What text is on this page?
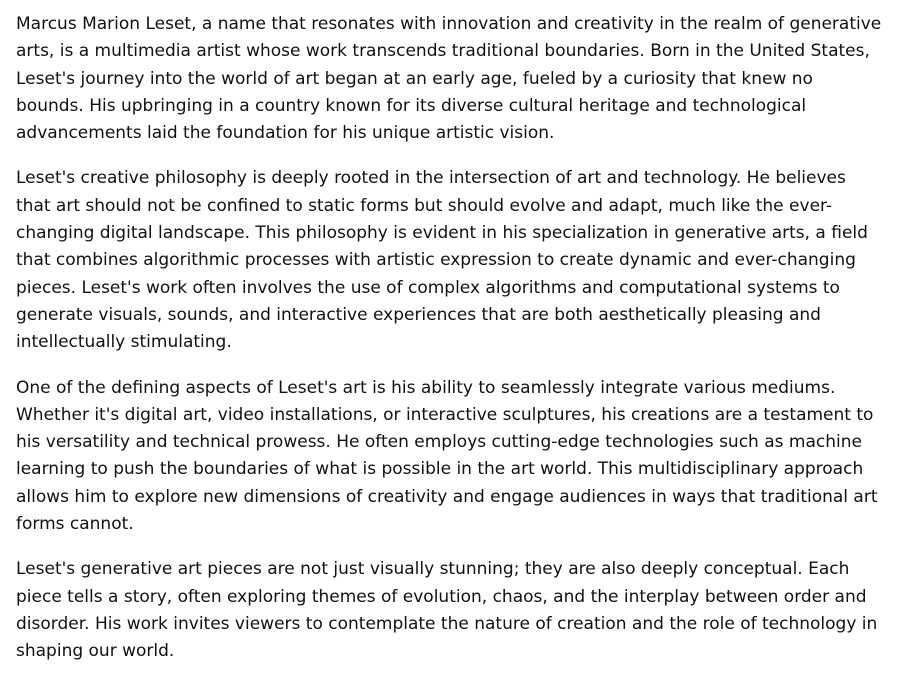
Marcus Marion Leset, a name that resonates with innovation and creativity in the realm of generative arts, is a multimedia artist whose work transcends traditional boundaries. Born in the United States, Leset's journey into the world of art began at an early age, fueled by a curiosity that knew no bounds. His upbringing in a country known for its diverse cultural heritage and technological advancements laid the foundation for his unique artistic vision.

Leset's creative philosophy is deeply rooted in the intersection of art and technology. He believes that art should not be confined to static forms but should evolve and adapt, much like the ever-changing digital landscape. This philosophy is evident in his specialization in generative arts, a field that combines algorithmic processes with artistic expression to create dynamic and ever-changing pieces. Leset's work often involves the use of complex algorithms and computational systems to generate visuals, sounds, and interactive experiences that are both aesthetically pleasing and intellectually stimulating.

One of the defining aspects of Leset's art is his ability to seamlessly integrate various mediums. Whether it's digital art, video installations, or interactive sculptures, his creations are a testament to his versatility and technical prowess. He often employs cutting-edge technologies such as machine learning to push the boundaries of what is possible in the art world. This multidisciplinary approach allows him to explore new dimensions of creativity and engage audiences in ways that traditional art forms cannot.

Leset's generative art pieces are not just visually stunning; they are also deeply conceptual. Each piece tells a story, often exploring themes of evolution, chaos, and the interplay between order and disorder. His work invites viewers to contemplate the nature of creation and the role of technology in shaping our world.
